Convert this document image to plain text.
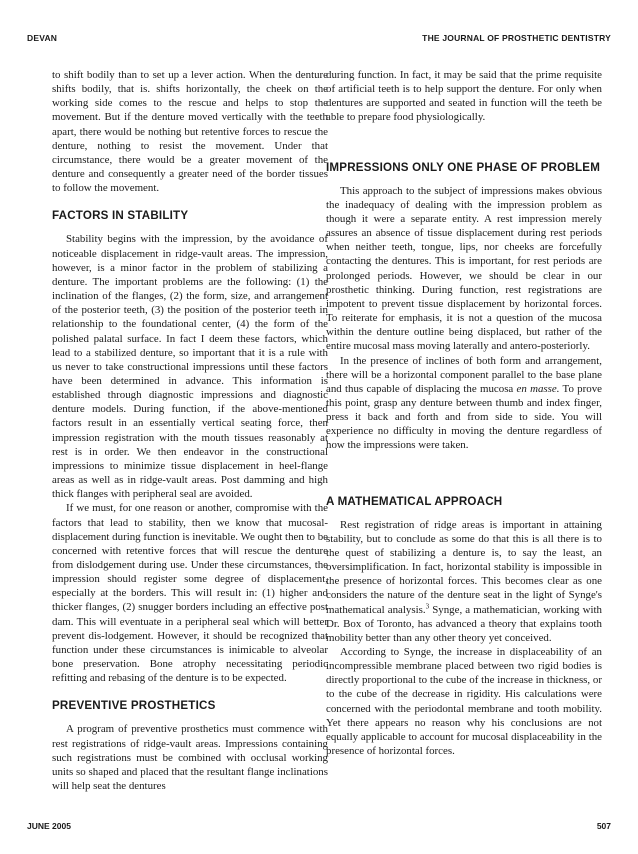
DEVAN	THE JOURNAL OF PROSTHETIC DENTISTRY

to shift bodily than to set up a lever action. When the denture shifts bodily, that is. shifts horizontally, the cheek on the working side comes to the rescue and helps to stop the movement. But if the denture moved vertically with the teeth apart, there would be nothing but retentive forces to rescue the denture, nothing to resist the movement. Under that circumstance, there would be a greater movement of the denture and consequently a greater need of the border tissues to follow the movement.

FACTORS IN STABILITY

Stability begins with the impression, by the avoidance of noticeable displacement in ridge-vault areas. The impression, however, is a minor factor in the problem of stabilizing a denture. The important problems are the following: (1) the inclination of the flanges, (2) the form, size, and arrangement of the posterior teeth, (3) the position of the posterior teeth in relationship to the foundational center, (4) the form of the polished palatal surface. In fact I deem these factors, which lead to a stabilized denture, so important that it is a rule with us never to take constructional impressions until these factors have been determined in advance. This information is established through diagnostic impressions and diagnostic denture models. During function, if the above-mentioned factors result in an essentially vertical seating force, then impression registration with the mouth tissues reasonably at rest is in order. We then endeavor in the constructional impressions to minimize tissue displacement in heel-flange areas as well as in ridge-vault areas. Post damming and high thick flanges with peripheral seal are avoided.

If we must, for one reason or another, compromise with the factors that lead to stability, then we know that mucosal-displacement during function is inevitable. We ought then to be concerned with retentive forces that will rescue the denture from dislodgement during use. Under these circumstances, the impression should register some degree of displacement, especially at the borders. This will result in: (1) higher and thicker flanges, (2) snugger borders including an effective post dam. This will eventuate in a peripheral seal which will better prevent dis-lodgement. However, it should be recognized that function under these circumstances is inimicable to alveolar bone preservation. Bone atrophy necessitating periodic refitting and rebasing of the denture is to be expected.

PREVENTIVE PROSTHETICS

A program of preventive prosthetics must commence with rest registrations of ridge-vault areas. Impressions containing such registrations must be combined with occlusal working units so shaped and placed that the resultant flange inclinations will help seat the dentures

during function. In fact, it may be said that the prime requisite of artificial teeth is to help support the denture. For only when dentures are supported and seated in function will the teeth be able to prepare food physiologically.

IMPRESSIONS ONLY ONE PHASE OF PROBLEM

This approach to the subject of impressions makes obvious the inadequacy of dealing with the impression problem as though it were a separate entity. A rest impression merely assures an absence of tissue displacement during rest periods when neither teeth, tongue, lips, nor cheeks are forcefully contacting the dentures. This is important, for rest periods are prolonged periods. However, we should be clear in our prosthetic thinking. During function, rest registrations are impotent to prevent tissue displacement by horizontal forces. To reiterate for emphasis, it is not a question of the mucosa within the denture outline being displaced, but rather of the entire mucosal mass moving laterally and antero-posteriorly.

In the presence of inclines of both form and arrangement, there will be a horizontal component parallel to the base plane and thus capable of displacing the mucosa en masse. To prove this point, grasp any denture between thumb and index finger, press it back and forth and from side to side. You will experience no difficulty in moving the denture regardless of how the impressions were taken.

A MATHEMATICAL APPROACH

Rest registration of ridge areas is important in attaining stability, but to conclude as some do that this is all there is to the quest of stabilizing a denture is, to say the least, an oversimplification. In fact, horizontal stability is impossible in the presence of horizontal forces. This becomes clear as one considers the nature of the denture seat in the light of Synge's mathematical analysis.$^3$ Synge, a mathematician, working with Dr. Box of Toronto, has advanced a theory that explains tooth mobility better than any other theory yet conceived.

According to Synge, the increase in displaceability of an incompressible membrane placed between two rigid bodies is directly proportional to the cube of the increase in thickness, or to the cube of the decrease in rigidity. His calculations were concerned with the periodontal membrane and tooth mobility. Yet there appears no reason why his conclusions are not equally applicable to account for mucosal displaceability in the presence of horizontal forces.

JUNE 2005	507
